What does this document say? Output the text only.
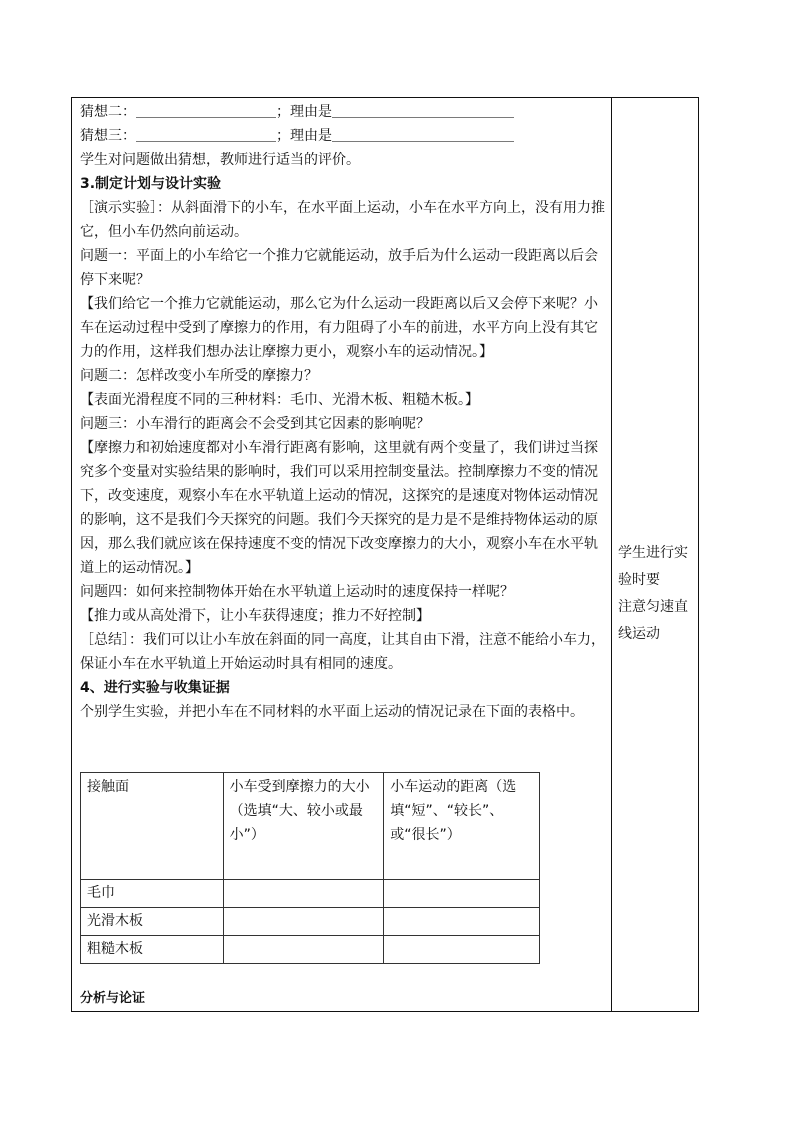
猜想二：＿＿＿＿＿＿＿＿＿＿；理由是＿＿＿＿＿＿＿＿＿＿＿＿＿
猜想三：＿＿＿＿＿＿＿＿＿＿；理由是＿＿＿＿＿＿＿＿＿＿＿＿＿
学生对问题做出猜想，教师进行适当的评价。
3.制定计划与设计实验
［演示实验］：从斜面滑下的小车，在水平面上运动，小车在水平方向上，没有用力推
它，但小车仍然向前运动。
问题一：平面上的小车给它一个推力它就能运动，放手后为什么运动一段距离以后会
停下来呢？
【我们给它一个推力它就能运动，那么它为什么运动一段距离以后又会停下来呢？小
车在运动过程中受到了摩擦力的作用，有力阻碍了小车的前进，水平方向上没有其它
力的作用，这样我们想办法让摩擦力更小，观察小车的运动情况。】
问题二：怎样改变小车所受的摩擦力？
【表面光滑程度不同的三种材料：毛巾、光滑木板、粗糙木板。】
问题三：小车滑行的距离会不会受到其它因素的影响呢？
【摩擦力和初始速度都对小车滑行距离有影响，这里就有两个变量了，我们讲过当探
究多个变量对实验结果的影响时，我们可以采用控制变量法。控制摩擦力不变的情况
下，改变速度，观察小车在水平轨道上运动的情况，这探究的是速度对物体运动情况
的影响，这不是我们今天探究的问题。我们今天探究的是力是不是维持物体运动的原
因，那么我们就应该在保持速度不变的情况下改变摩擦力的大小，观察小车在水平轨
道上的运动情况。】
问题四：如何来控制物体开始在水平轨道上运动时的速度保持一样呢？
【推力或从高处滑下，让小车获得速度；推力不好控制】
［总结］：我们可以让小车放在斜面的同一高度，让其自由下滑，注意不能给小车力，
保证小车在水平轨道上开始运动时具有相同的速度。
4、进行实验与收集证据
个别学生实验，并把小车在不同材料的水平面上运动的情况记录在下面的表格中。
接触面	小车受到摩擦力的大小（选填“大、较小或最小”）	小车运动的距离（选填“短”、“较长”、或“很长”）
毛巾		
光滑木板		
粗糙木板		
分析与论证
学生进行实
验时要
注意匀速直
线运动
